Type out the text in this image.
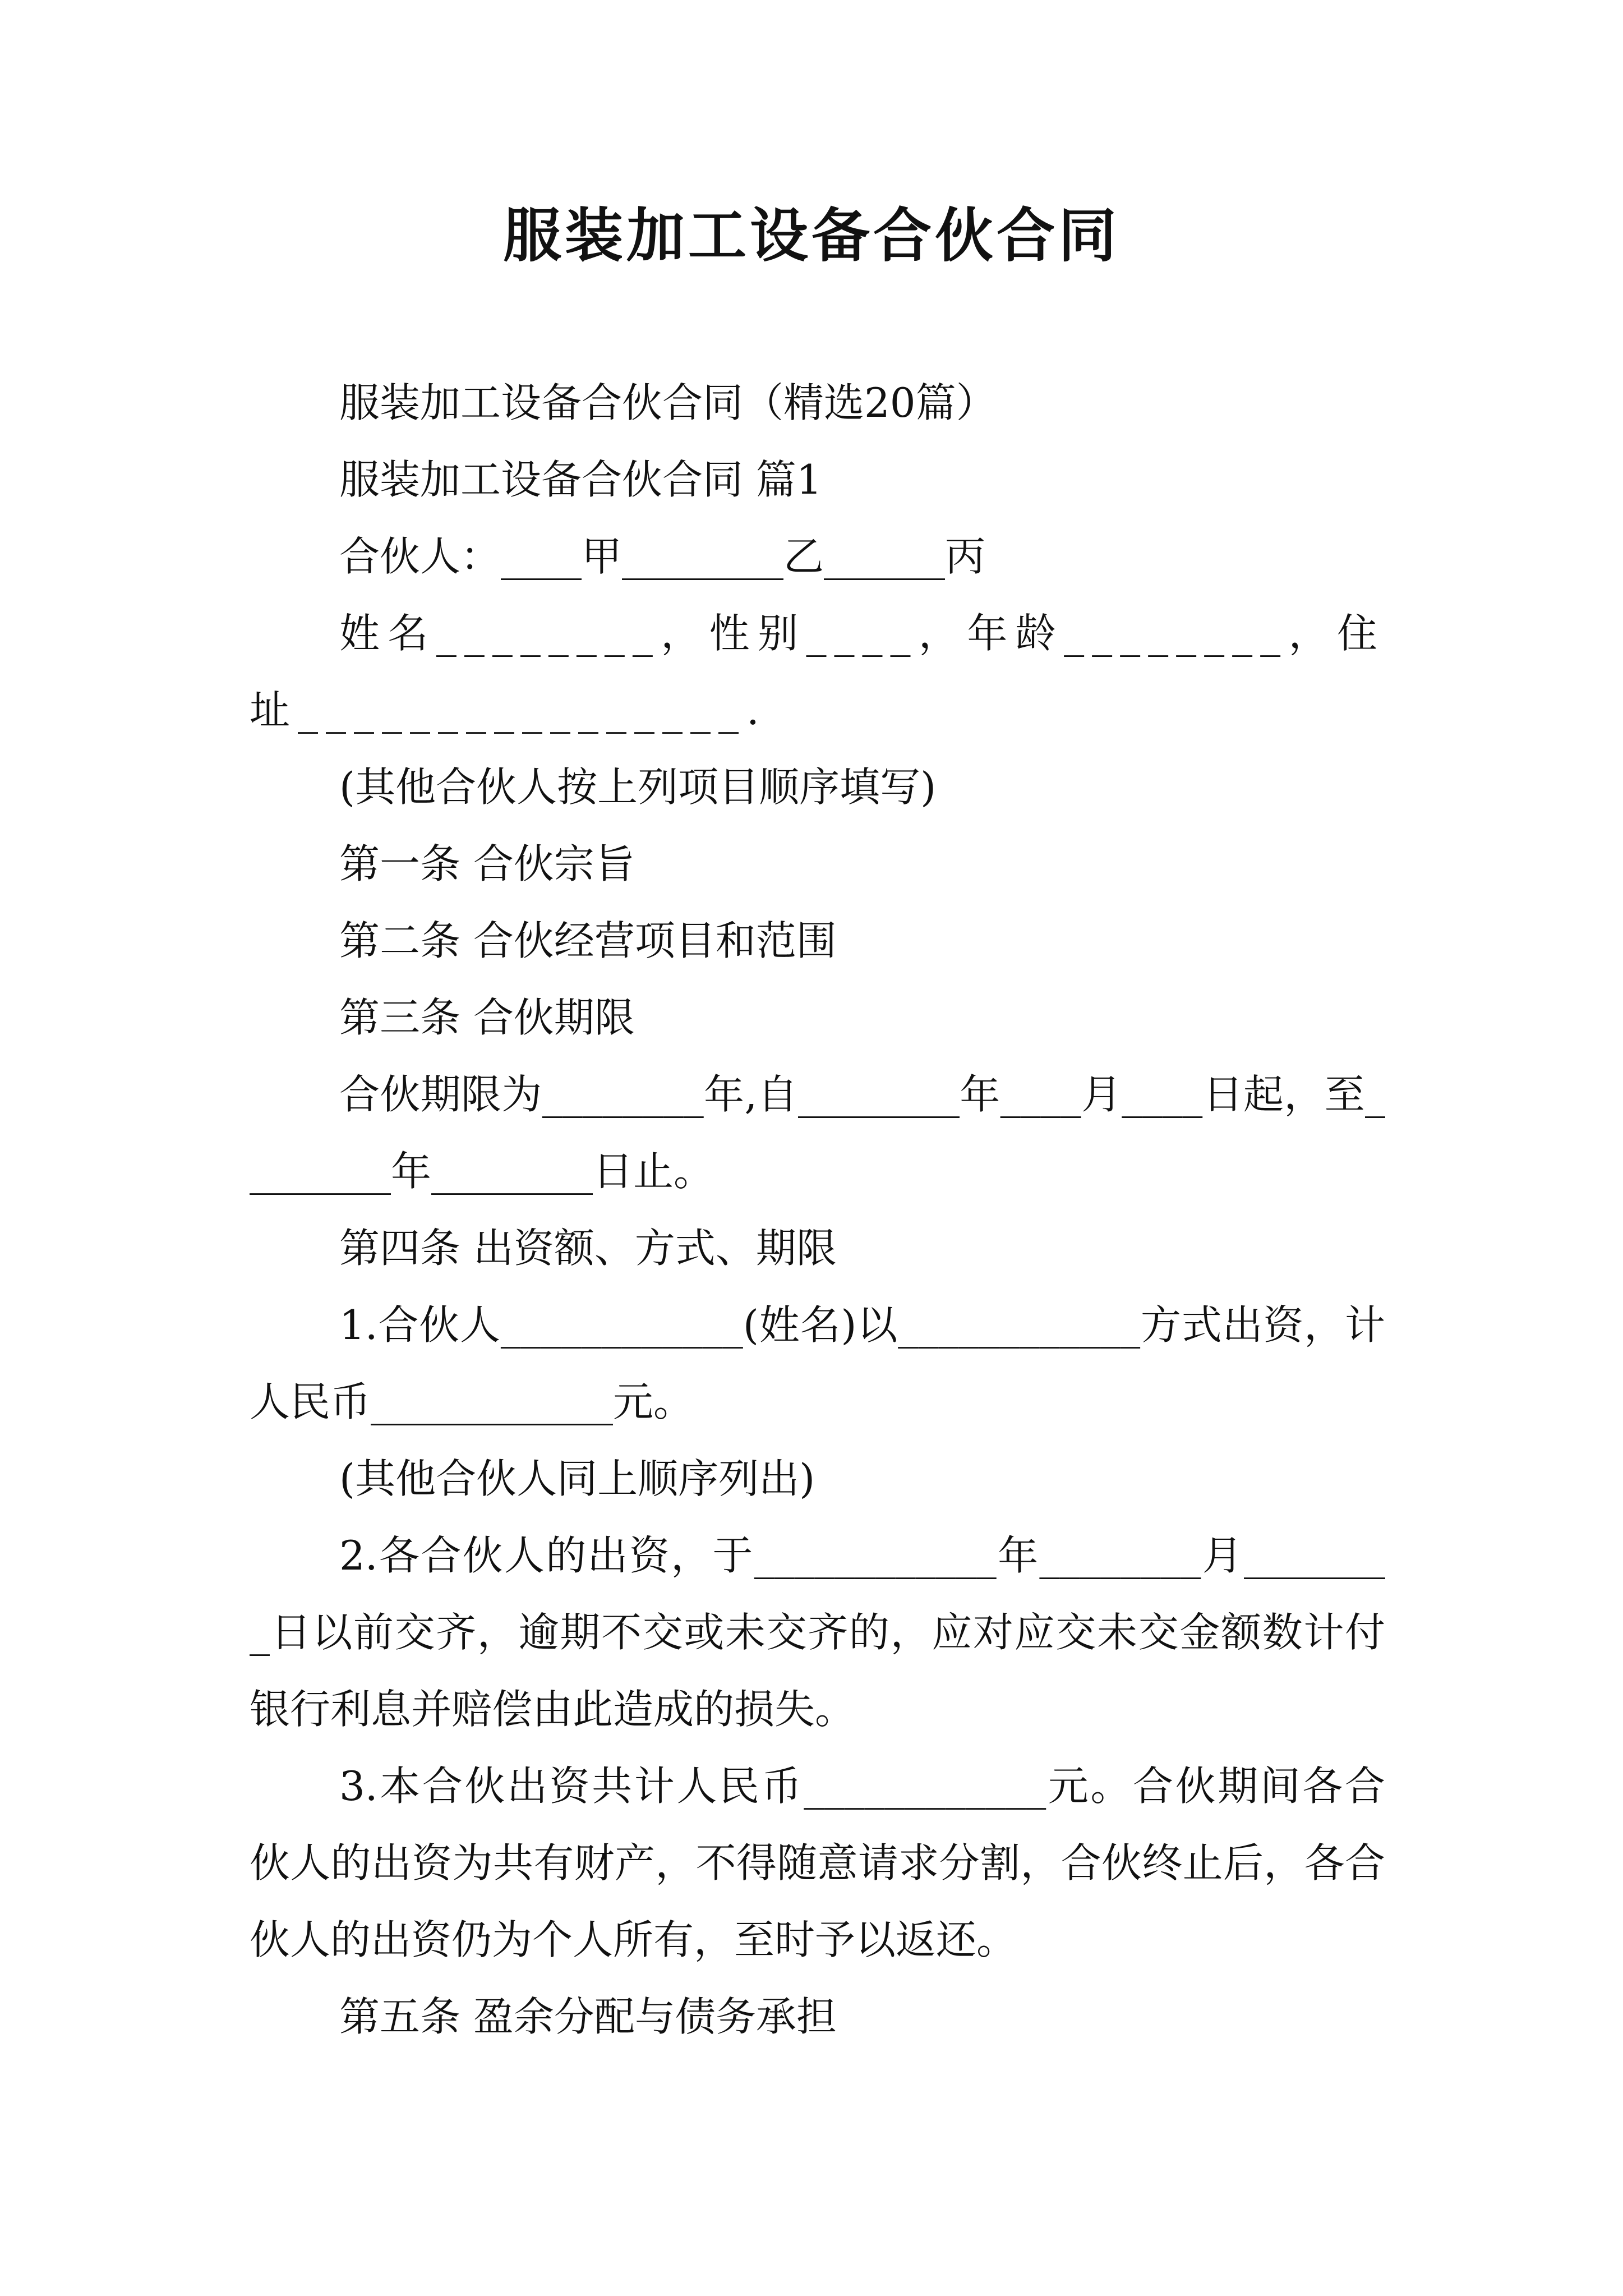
服装加工设备合伙合同

服装加工设备合伙合同（精选20篇）

服装加工设备合伙合同 篇1

合伙人：____甲________乙______丙

姓名________，性别____，年龄________，住址________________.

(其他合伙人按上列项目顺序填写)

第一条 合伙宗旨

第二条 合伙经营项目和范围

第三条 合伙期限

合伙期限为________年,自________年____月____日起，至________年________日止。

第四条 出资额、方式、期限

1.合伙人____________(姓名)以____________方式出资，计人民币____________元。

(其他合伙人同上顺序列出)

2.各合伙人的出资，于____________年________月________日以前交齐，逾期不交或未交齐的，应对应交未交金额数计付银行利息并赔偿由此造成的损失。

3.本合伙出资共计人民币____________元。合伙期间各合伙人的出资为共有财产，不得随意请求分割，合伙终止后，各合伙人的出资仍为个人所有，至时予以返还。

第五条 盈余分配与债务承担
